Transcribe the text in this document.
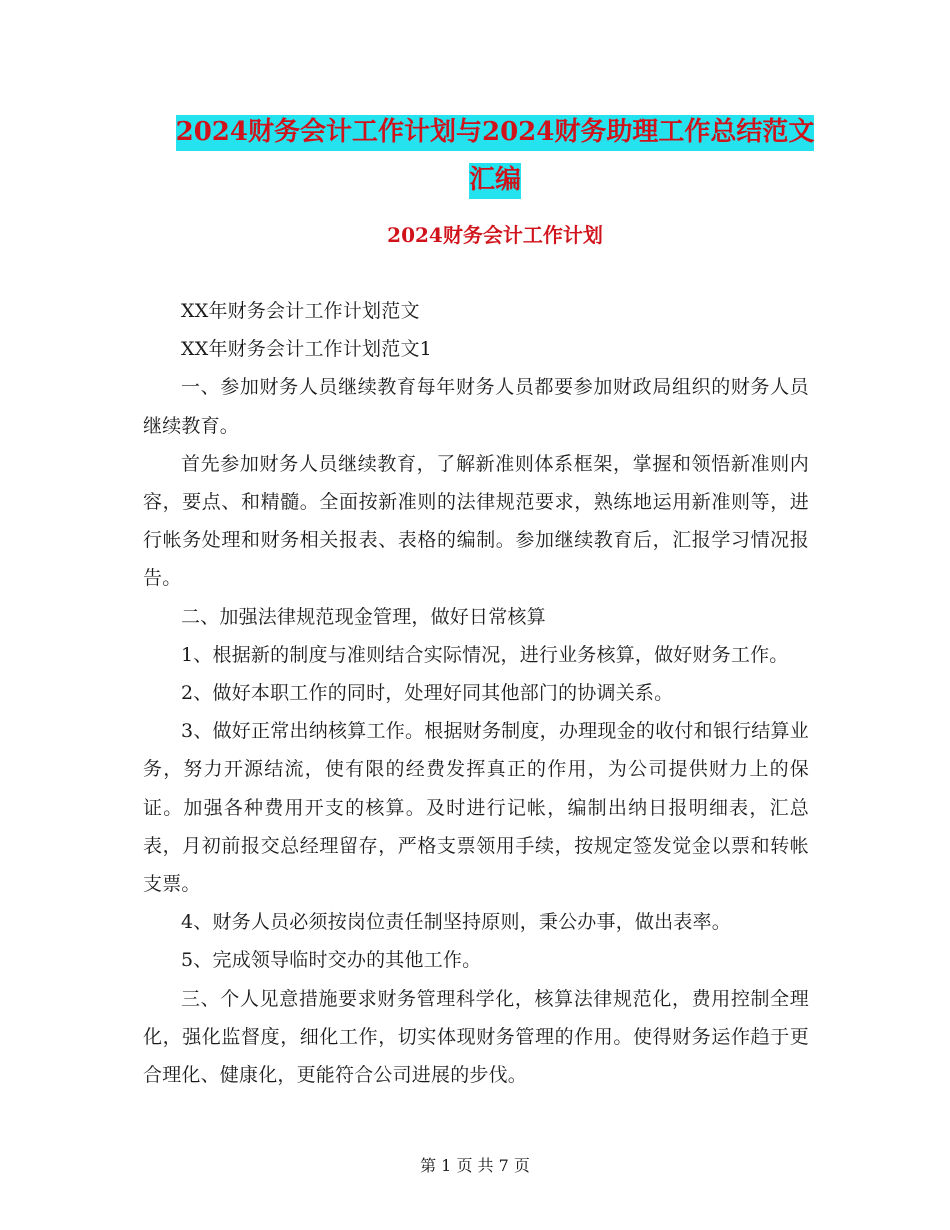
2024财务会计工作计划与2024财务助理工作总结范文
汇编
2024财务会计工作计划

XX年财务会计工作计划范文

XX年财务会计工作计划范文1

一、参加财务人员继续教育每年财务人员都要参加财政局组织的财务人员继续教育。

首先参加财务人员继续教育，了解新准则体系框架，掌握和领悟新准则内容，要点、和精髓。全面按新准则的法律规范要求，熟练地运用新准则等，进行帐务处理和财务相关报表、表格的编制。参加继续教育后，汇报学习情况报告。

二、加强法律规范现金管理，做好日常核算

1、根据新的制度与准则结合实际情况，进行业务核算，做好财务工作。

2、做好本职工作的同时，处理好同其他部门的协调关系。

3、做好正常出纳核算工作。根据财务制度，办理现金的收付和银行结算业务，努力开源结流，使有限的经费发挥真正的作用，为公司提供财力上的保证。加强各种费用开支的核算。及时进行记帐，编制出纳日报明细表，汇总表，月初前报交总经理留存，严格支票领用手续，按规定签发觉金以票和转帐支票。

4、财务人员必须按岗位责任制坚持原则，秉公办事，做出表率。

5、完成领导临时交办的其他工作。

三、个人见意措施要求财务管理科学化，核算法律规范化，费用控制全理化，强化监督度，细化工作，切实体现财务管理的作用。使得财务运作趋于更合理化、健康化，更能符合公司进展的步伐。

第 1 页 共 7 页
